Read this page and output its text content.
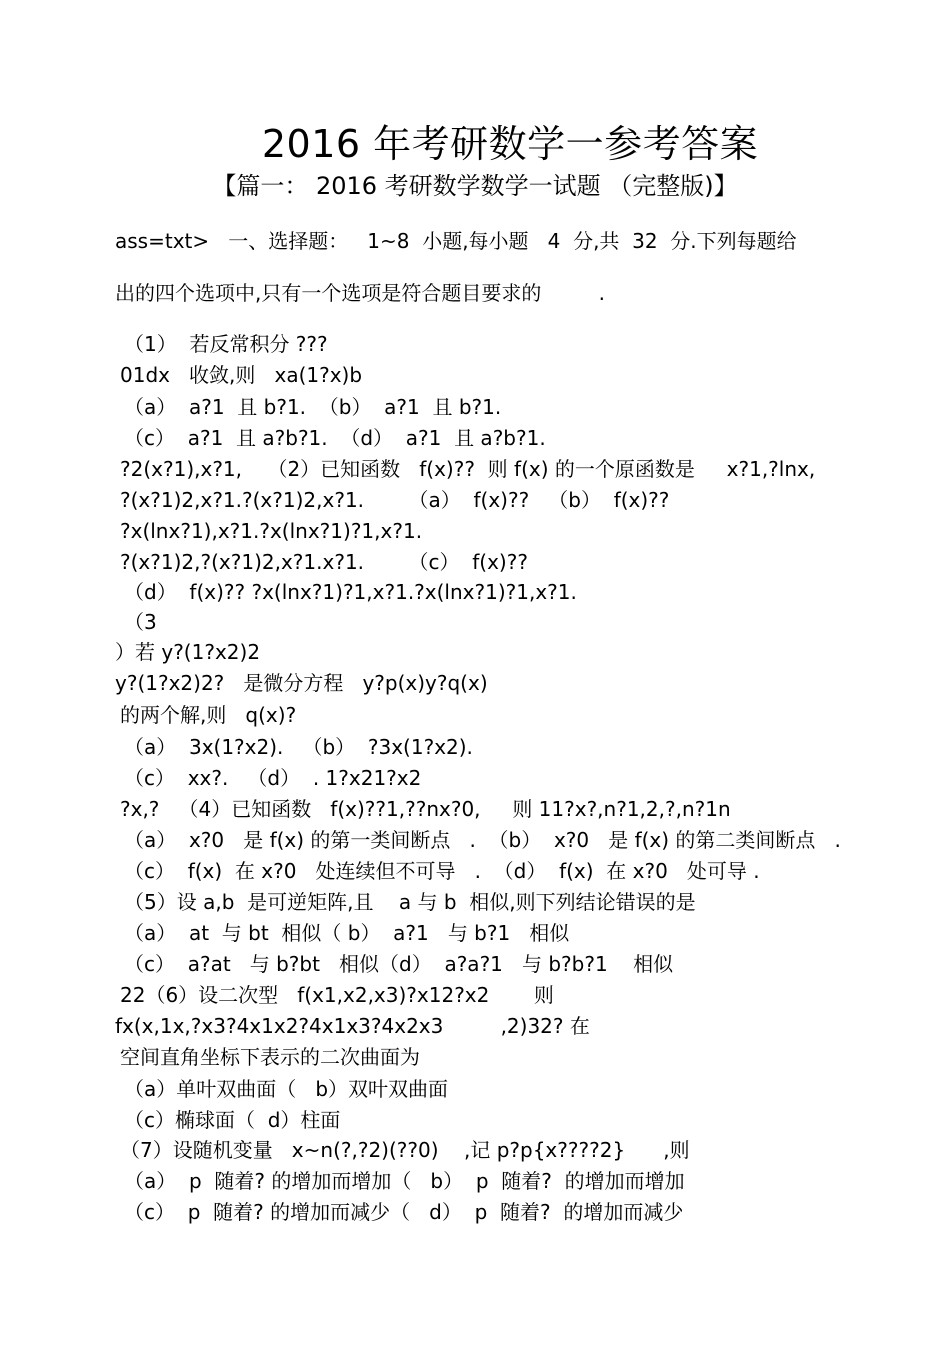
2016 年考研数学一参考答案
【篇一： 2016 考研数学数学一试题 （完整版)】
ass=txt>   一、选择题：   1~8  小题,每小题   4  分,共  32  分.下列每题给
出的四个选项中,只有一个选项是符合题目要求的         .
（1）  若反常积分 ???
01dx   收敛,则   xa(1?x)b
（a）  a?1  且 b?1.  （b）  a?1  且 b?1.
（c）  a?1  且 a?b?1.  （d）  a?1  且 a?b?1.
?2(x?1),x?1,    （2）已知函数   f(x)??  则 f(x) 的一个原函数是     x?1,?lnx,
?(x?1)2,x?1.?(x?1)2,x?1.       （a）  f(x)??   （b）  f(x)??
?x(lnx?1),x?1.?x(lnx?1)?1,x?1.
?(x?1)2,?(x?1)2,x?1.x?1.       （c）  f(x)??
（d）  f(x)?? ?x(lnx?1)?1,x?1.?x(lnx?1)?1,x?1.
（3
）若 y?(1?x2)2
y?(1?x2)2?   是微分方程   y?p(x)y?q(x)
的两个解,则   q(x)?
（a）  3x(1?x2).   （b）  ?3x(1?x2).
（c）  xx?.   （d）  . 1?x21?x2
?x,?   （4）已知函数   f(x)??1,??nx?0,     则 11?x?,n?1,2,?,n?1n
（a）  x?0   是 f(x) 的第一类间断点   .  （b）  x?0   是 f(x) 的第二类间断点   .
（c）  f(x)  在 x?0   处连续但不可导   .  （d）  f(x)  在 x?0   处可导 .
（5）设 a,b  是可逆矩阵,且    a 与 b  相似,则下列结论错误的是
（a）  at  与 bt  相似（ b）  a?1   与 b?1   相似
（c）  a?at   与 b?bt   相似（d）  a?a?1   与 b?b?1    相似
22（6）设二次型   f(x1,x2,x3)?x12?x2       则
fx(x,1x,?x3?4x1x2?4x1x3?4x2x3         ,2)32? 在
空间直角坐标下表示的二次曲面为
（a）单叶双曲面（   b）双叶双曲面
（c）椭球面（  d）柱面
（7）设随机变量   x~n(?,?2)(??0)    ,记 p?p{x????2}      ,则
（a）  p  随着? 的增加而增加（   b）  p  随着?  的增加而增加
（c）  p  随着? 的增加而减少（   d）  p  随着?  的增加而减少
